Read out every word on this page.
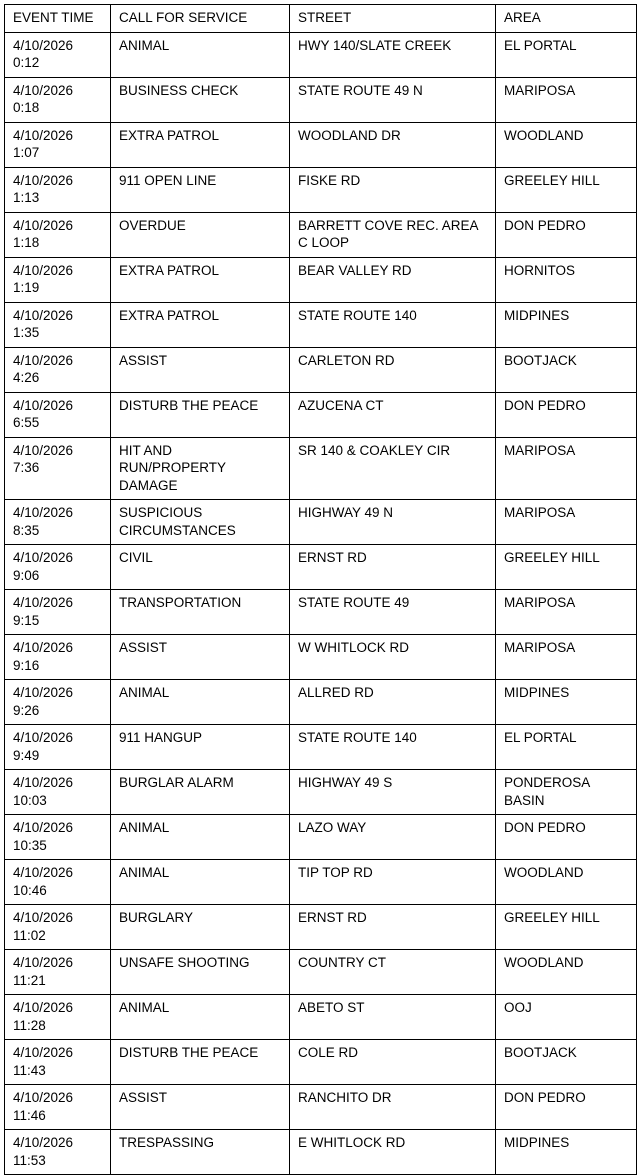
EVENT TIME	CALL FOR SERVICE	STREET	AREA
4/10/2026 0:12	ANIMAL	HWY 140/SLATE CREEK	EL PORTAL
4/10/2026 0:18	BUSINESS CHECK	STATE ROUTE 49 N	MARIPOSA
4/10/2026 1:07	EXTRA PATROL	WOODLAND DR	WOODLAND
4/10/2026 1:13	911 OPEN LINE	FISKE RD	GREELEY HILL
4/10/2026 1:18	OVERDUE	BARRETT COVE REC. AREA C LOOP	DON PEDRO
4/10/2026 1:19	EXTRA PATROL	BEAR VALLEY RD	HORNITOS
4/10/2026 1:35	EXTRA PATROL	STATE ROUTE 140	MIDPINES
4/10/2026 4:26	ASSIST	CARLETON RD	BOOTJACK
4/10/2026 6:55	DISTURB THE PEACE	AZUCENA CT	DON PEDRO
4/10/2026 7:36	HIT AND RUN/PROPERTY DAMAGE	SR 140 & COAKLEY CIR	MARIPOSA
4/10/2026 8:35	SUSPICIOUS CIRCUMSTANCES	HIGHWAY 49 N	MARIPOSA
4/10/2026 9:06	CIVIL	ERNST RD	GREELEY HILL
4/10/2026 9:15	TRANSPORTATION	STATE ROUTE 49	MARIPOSA
4/10/2026 9:16	ASSIST	W WHITLOCK RD	MARIPOSA
4/10/2026 9:26	ANIMAL	ALLRED RD	MIDPINES
4/10/2026 9:49	911 HANGUP	STATE ROUTE 140	EL PORTAL
4/10/2026 10:03	BURGLAR ALARM	HIGHWAY 49 S	PONDEROSA BASIN
4/10/2026 10:35	ANIMAL	LAZO WAY	DON PEDRO
4/10/2026 10:46	ANIMAL	TIP TOP RD	WOODLAND
4/10/2026 11:02	BURGLARY	ERNST RD	GREELEY HILL
4/10/2026 11:21	UNSAFE SHOOTING	COUNTRY CT	WOODLAND
4/10/2026 11:28	ANIMAL	ABETO ST	OOJ
4/10/2026 11:43	DISTURB THE PEACE	COLE RD	BOOTJACK
4/10/2026 11:46	ASSIST	RANCHITO DR	DON PEDRO
4/10/2026 11:53	TRESPASSING	E WHITLOCK RD	MIDPINES
